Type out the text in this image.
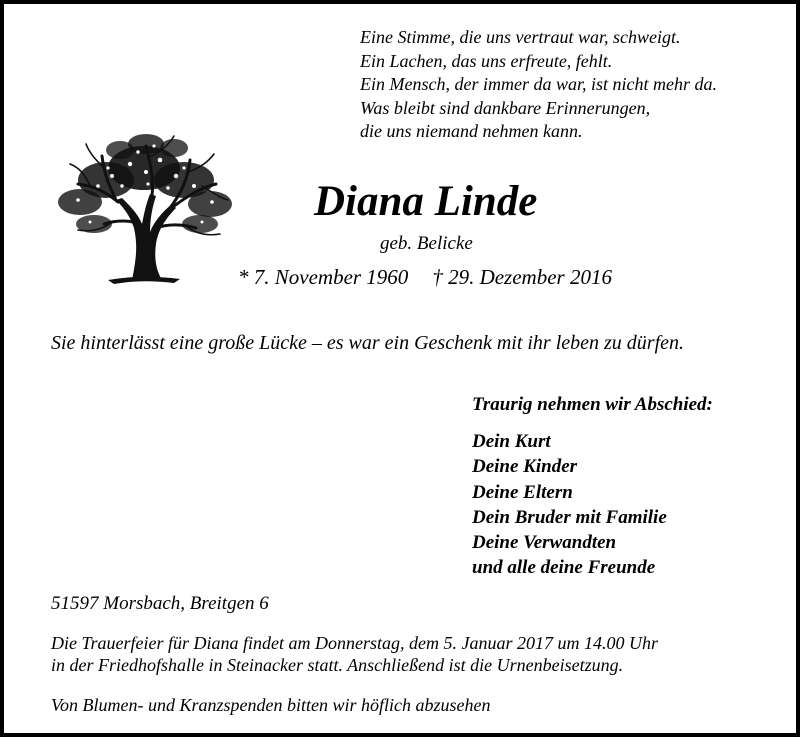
Eine Stimme, die uns vertraut war, schweigt.
Ein Lachen, das uns erfreute, fehlt.
Ein Mensch, der immer da war, ist nicht mehr da.
Was bleibt sind dankbare Erinnerungen,
die uns niemand nehmen kann.
Diana Linde
geb. Belicke
* 7. November 1960 † 29. Dezember 2016
Sie hinterlässt eine große Lücke – es war ein Geschenk mit ihr leben zu dürfen.
Traurig nehmen wir Abschied:
Dein Kurt
Deine Kinder
Deine Eltern
Dein Bruder mit Familie
Deine Verwandten
und alle deine Freunde
51597 Morsbach, Breitgen 6
Die Trauerfeier für Diana findet am Donnerstag, dem 5. Januar 2017 um 14.00 Uhr
in der Friedhofshalle in Steinacker statt. Anschließend ist die Urnenbeisetzung.
Von Blumen- und Kranzspenden bitten wir höflich abzusehen
